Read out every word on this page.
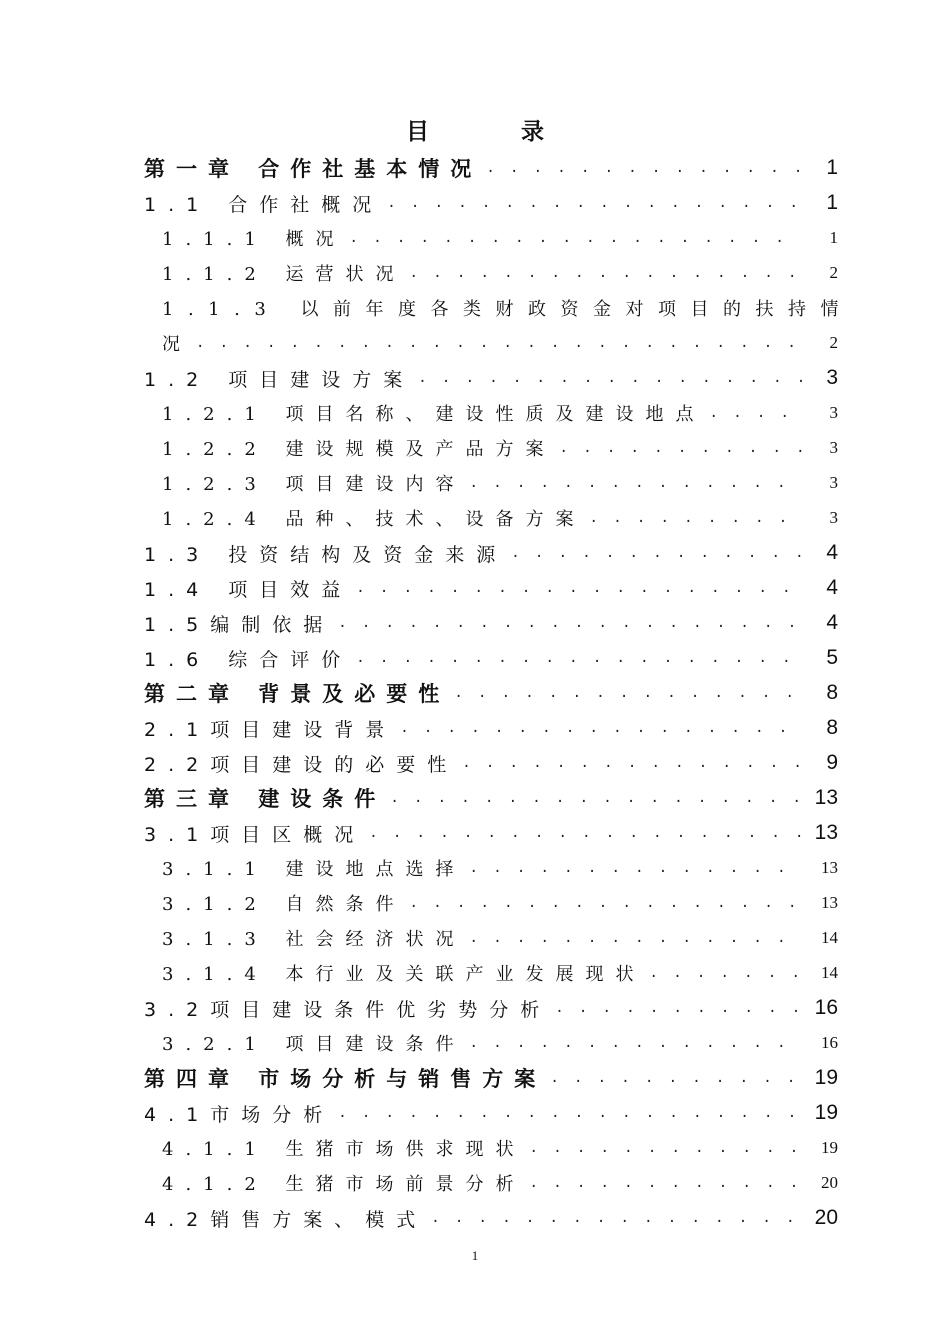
目 录
第一章 合作社基本情况 . . .	1
1.1 合作社概况 . . .	1
1.1.1 概况 . . .	1
1.1.2 运营状况 . . .	2
1.1.3 以前年度各类财政资金对项目的扶持情
况 . . .	2
1.2 项目建设方案 . . .	3
1.2.1 项目名称、建设性质及建设地点 . . .	3
1.2.2 建设规模及产品方案 . . .	3
1.2.3 项目建设内容 . . .	3
1.2.4 品种、技术、设备方案 . . .	3
1.3 投资结构及资金来源 . . .	4
1.4 项目效益 . . .	4
1.5编制依据 . . .	4
1.6 综合评价 . . .	5
第二章 背景及必要性 . . .	8
2.1项目建设背景 . . .	8
2.2项目建设的必要性 . . .	9
第三章 建设条件 . . .	13
3.1项目区概况 . . .	13
3.1.1 建设地点选择 . . .	13
3.1.2 自然条件 . . .	13
3.1.3 社会经济状况 . . .	14
3.1.4 本行业及关联产业发展现状 . . .	14
3.2项目建设条件优劣势分析 . . .	16
3.2.1 项目建设条件 . . .	16
第四章 市场分析与销售方案 . . .	19
4.1市场分析 . . .	19
4.1.1 生猪市场供求现状 . . .	19
4.1.2 生猪市场前景分析 . . .	20
4.2销售方案、模式 . . .	20
1
